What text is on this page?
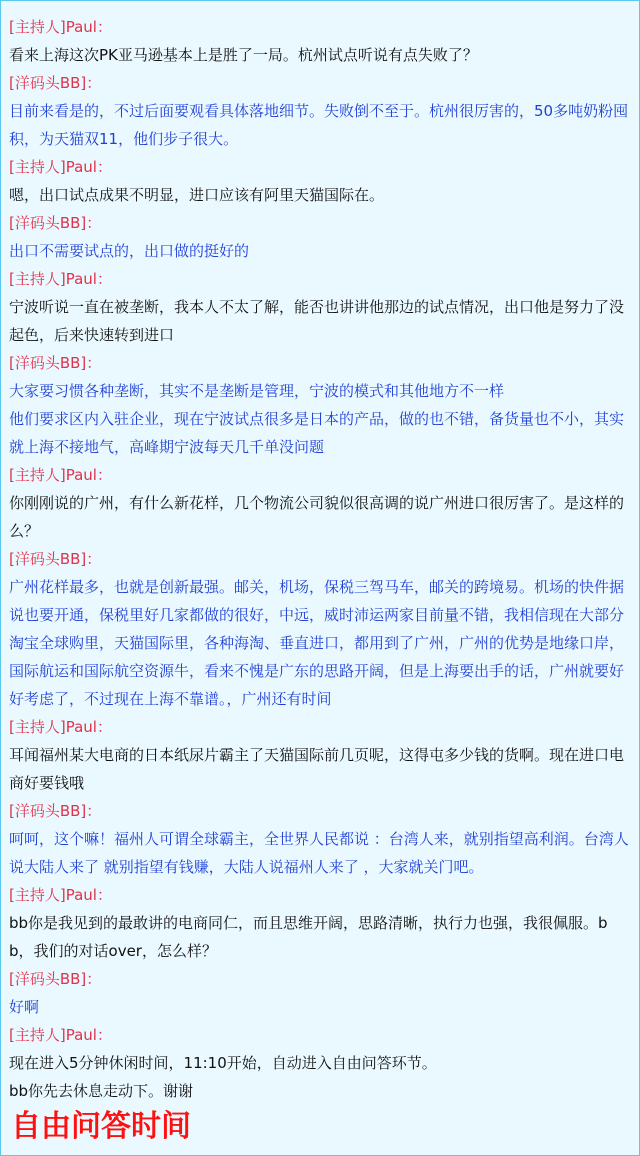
[主持人]Paul：

看来上海这次PK亚马逊基本上是胜了一局。杭州试点听说有点失败了？

[洋码头BB]：

目前来看是的，不过后面要观看具体落地细节。失败倒不至于。杭州很厉害的，50多吨奶粉囤积，为天猫双11，他们步子很大。

[主持人]Paul：

嗯，出口试点成果不明显，进口应该有阿里天猫国际在。

[洋码头BB]：

出口不需要试点的，出口做的挺好的

[主持人]Paul：

宁波听说一直在被垄断，我本人不太了解，能否也讲讲他那边的试点情况，出口他是努力了没起色，后来快速转到进口

[洋码头BB]：

大家要习惯各种垄断，其实不是垄断是管理，宁波的模式和其他地方不一样

他们要求区内入驻企业，现在宁波试点很多是日本的产品，做的也不错，备货量也不小，其实就上海不接地气，高峰期宁波每天几千单没问题

[主持人]Paul：

你刚刚说的广州，有什么新花样，几个物流公司貌似很高调的说广州进口很厉害了。是这样的么？

[洋码头BB]：

广州花样最多，也就是创新最强。邮关，机场，保税三驾马车，邮关的跨境易。机场的快件据说也要开通，保税里好几家都做的很好，中远，威时沛运两家目前量不错，我相信现在大部分淘宝全球购里，天猫国际里，各种海淘、垂直进口，都用到了广州，广州的优势是地缘口岸，国际航运和国际航空资源牛，看来不愧是广东的思路开阔，但是上海要出手的话，广州就要好好考虑了，不过现在上海不靠谱。，广州还有时间

[主持人]Paul：

耳闻福州某大电商的日本纸尿片霸主了天猫国际前几页呢，这得屯多少钱的货啊。现在进口电商好要钱哦

[洋码头BB]：

呵呵，这个嘛！福州人可谓全球霸主，全世界人民都说 ：台湾人来，就别指望高利润。台湾人说大陆人来了 就别指望有钱赚，大陆人说福州人来了 ，大家就关门吧。

[主持人]Paul：

bb你是我见到的最敢讲的电商同仁，而且思维开阔，思路清晰，执行力也强，我很佩服。bb，我们的对话over，怎么样？

[洋码头BB]：

好啊

[主持人]Paul：

现在进入5分钟休闲时间，11:10开始，自动进入自由问答环节。

bb你先去休息走动下。谢谢

自由问答时间
